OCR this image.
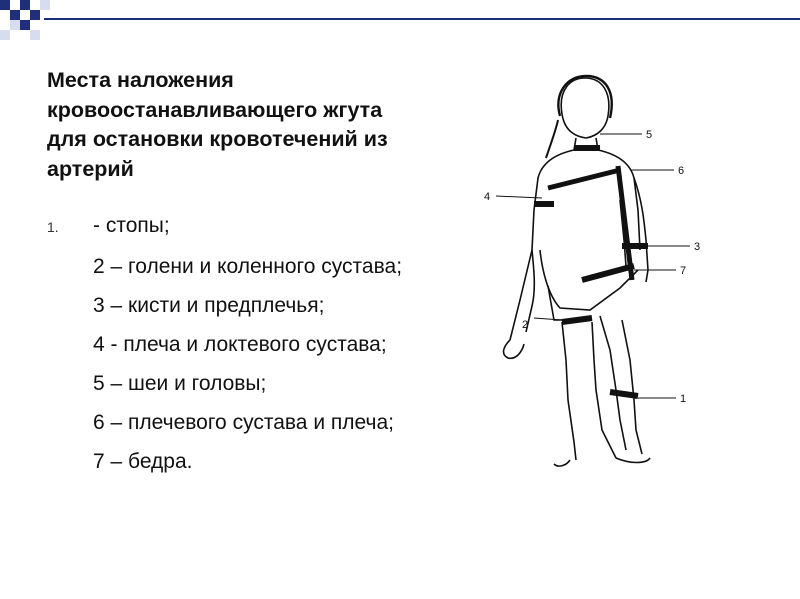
Места наложения кровоостанавливающего жгута для остановки кровотечений из артерий
1. - стопы;
2 – голени и коленного сустава;
3 – кисти и предплечья;
4 - плеча и локтевого сустава;
5 – шеи и головы;
6 – плечевого сустава и плеча;
7 – бедра.
5
6
4
3
7
2
1
